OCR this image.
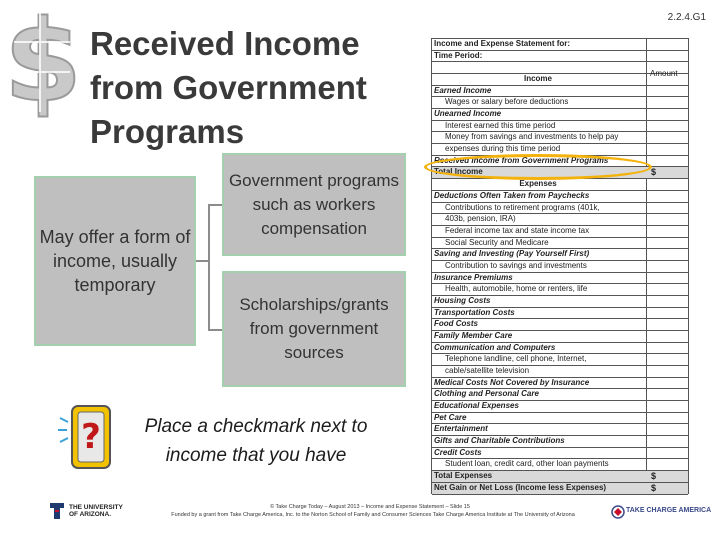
$ Received Income
from Government
Programs
2.2.4.G1
May offer a form of income, usually temporary
Government programs such as workers compensation
Scholarships/grants from government sources
Income and Expense Statement for:
Time Period:
Income
Earned Income
Wages or salary before deductions
Unearned Income
Interest earned this time period
Money from savings and investments to help pay
expenses during this time period
Received Income from Government Programs
Total Income	$
Expenses
Deductions Often Taken from Paychecks
Contributions to retirement programs (401k,
403b, pension, IRA)
Federal income tax and state income tax
Social Security and Medicare
Saving and Investing (Pay Yourself First)
Contribution to savings and investments
Insurance Premiums
Health, automobile, home or renters, life
Housing Costs
Transportation Costs
Food Costs
Family Member Care
Communication and Computers
Telephone landline, cell phone, Internet,
cable/satellite television
Medical Costs Not Covered by Insurance
Clothing and Personal Care
Educational Expenses
Pet Care
Entertainment
Gifts and Charitable Contributions
Credit Costs
Student loan, credit card, other loan payments
Total Expenses	$
Net Gain or Net Loss (Income less Expenses)	$
Amount
?	Place a checkmark next to
income that you have
THE UNIVERSITY
OF ARIZONA.
© Take Charge Today – August 2013 – Income and Expense Statement – Slide 15
Funded by a grant from Take Charge America, Inc. to the Norton School of Family and Consumer Sciences Take Charge America Institute at The University of Arizona
TAKE CHARGE AMERICA
